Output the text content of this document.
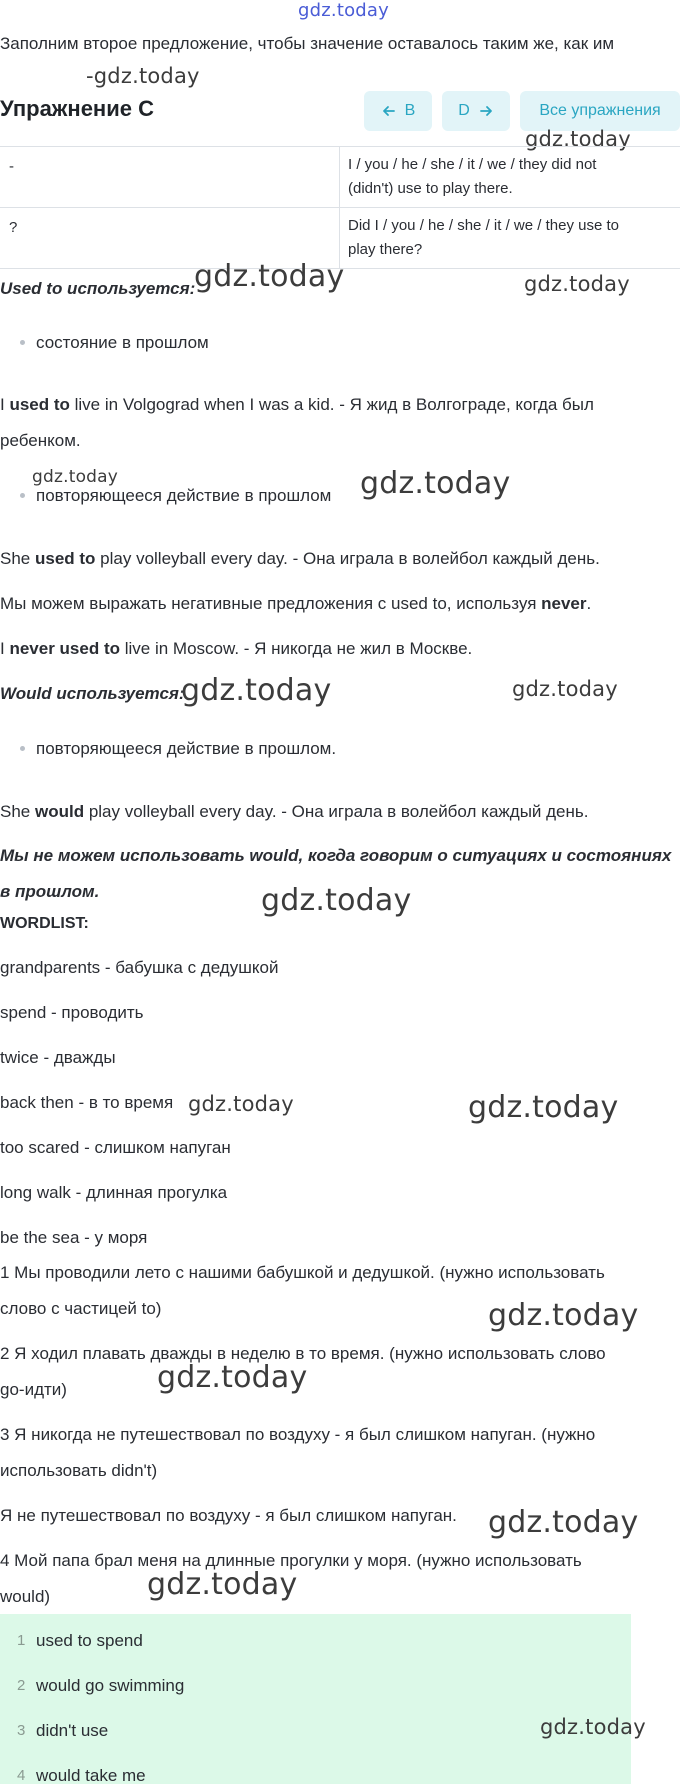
gdz.today
Заполним второе предложение, чтобы значение оставалось таким же, как им
-gdz.today
Упражнение C	B	D	Все упражнения
gdz.today
-	I / you / he / she / it / we / they did not
(didn't) use to play there.

?	Did I / you / he / she / it / we / they use to
play there?
Used to используется:
gdz.today	gdz.today
состояние в прошлом
I used to live in Volgograd when I was a kid. - Я жид в Волгограде, когда был
ребенком.
gdz.today
повторяющееся действие в прошлом gdz.today
She used to play volleyball every day. - Она играла в волейбол каждый день.
Мы можем выражать негативные предложения с used to, используя never.
I never used to live in Moscow. - Я никогда не жил в Москве.
Would используется:
gdz.today	gdz.today
повторяющееся действие в прошлом.
She would play volleyball every day. - Она играла в волейбол каждый день.
Мы не можем использовать would, когда говорим о ситуациях и состояниях
в прошлом.
WORDLIST:
gdz.today
grandparents - бабушка с дедушкой
spend - проводить
twice - дважды
back then - в то время gdz.today	gdz.today
too scared - слишком напуган
long walk - длинная прогулка
be the sea - у моря
1 Мы проводили лето с нашими бабушкой и дедушкой. (нужно использовать
слово с частицей to)	gdz.today
2 Я ходил плавать дважды в неделю в то время. (нужно использовать слово
go-идти)	gdz.today
3 Я никогда не путешествовал по воздуху - я был слишком напуган. (нужно
использовать didn't)
Я не путешествовал по воздуху - я был слишком напуган. gdz.today
4 Мой папа брал меня на длинные прогулки у моря. (нужно использовать
would)	gdz.today
1 used to spend
2 would go swimming
3 didn't use
4 would take me
gdz.today
